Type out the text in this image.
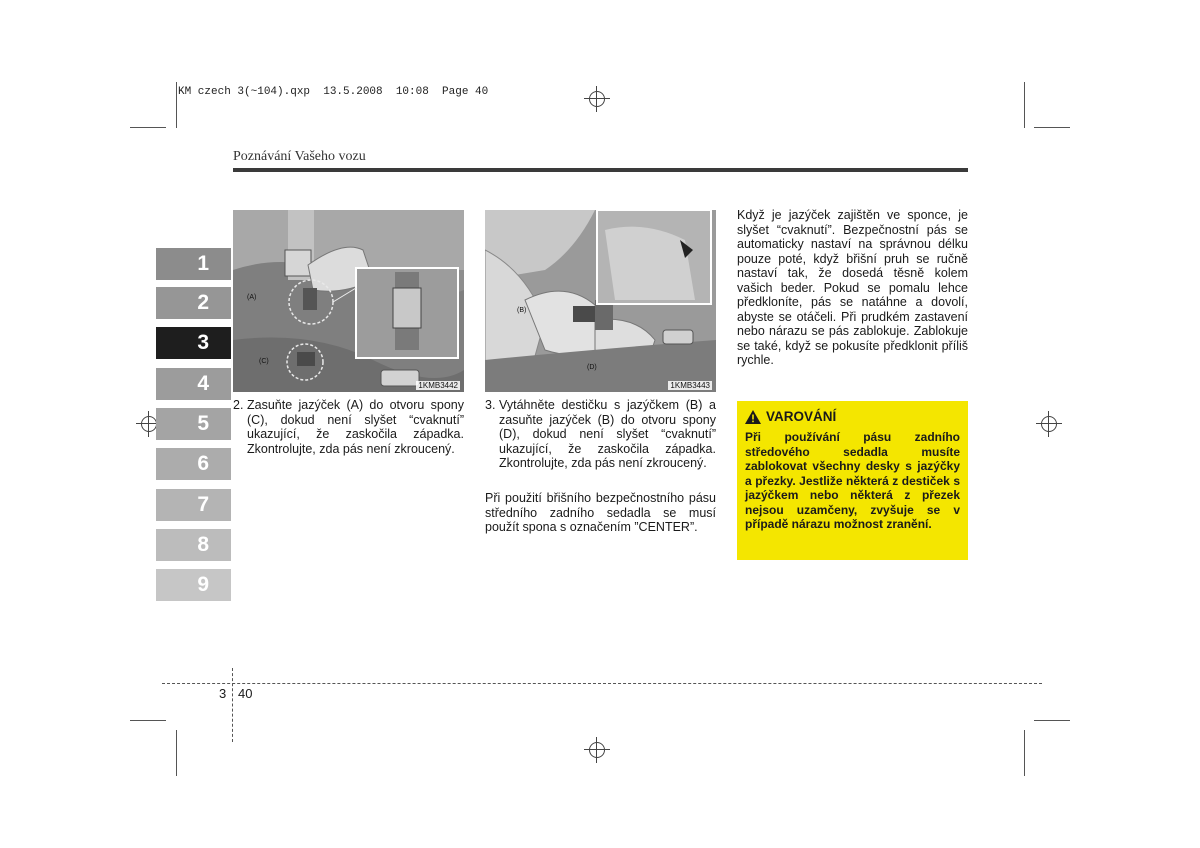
KM czech 3(~104).qxp  13.5.2008  10:08  Page 40
Poznávání Vašeho vozu
1
2
3
4
5
6
7
8
9
(A)
(C)
1KMB3442
(B)
(D)
1KMB3443
2. Zasuňte jazýček (A) do otvoru spony (C), dokud není slyšet “cvaknutí” ukazující, že zaskočila západka. Zkontrolujte, zda pás není zkroucený.
3. Vytáhněte destičku s jazýčkem (B) a zasuňte jazýček (B) do otvoru spony (D), dokud není slyšet “cvaknutí” ukazující, že zaskočila západka. Zkontrolujte, zda pás není zkroucený.
Při použití břišního bezpečnostního pásu středního zadního sedadla se musí použít spona s označením ”CENTER”.
Když je jazýček zajištěn ve sponce, je slyšet “cvaknutí”. Bezpečnostní pás se automaticky nastaví na správnou délku pouze poté, když břišní pruh se ručně nastaví tak, že dosedá těsně kolem vašich beder. Pokud se pomalu lehce předkloníte, pás se natáhne a dovolí, abyste se otáčeli. Při prudkém zastavení nebo nárazu se pás zablokuje. Zablokuje se také, když se pokusíte předklonit příliš rychle.
VAROVÁNÍ
Při používání pásu zadního středového sedadla musíte zablokovat všechny desky s jazýčky a přezky. Jestliže některá z destiček s jazýčkem nebo některá z přezek nejsou uzamčeny, zvyšuje se v případě nárazu možnost zranění.
3 40
